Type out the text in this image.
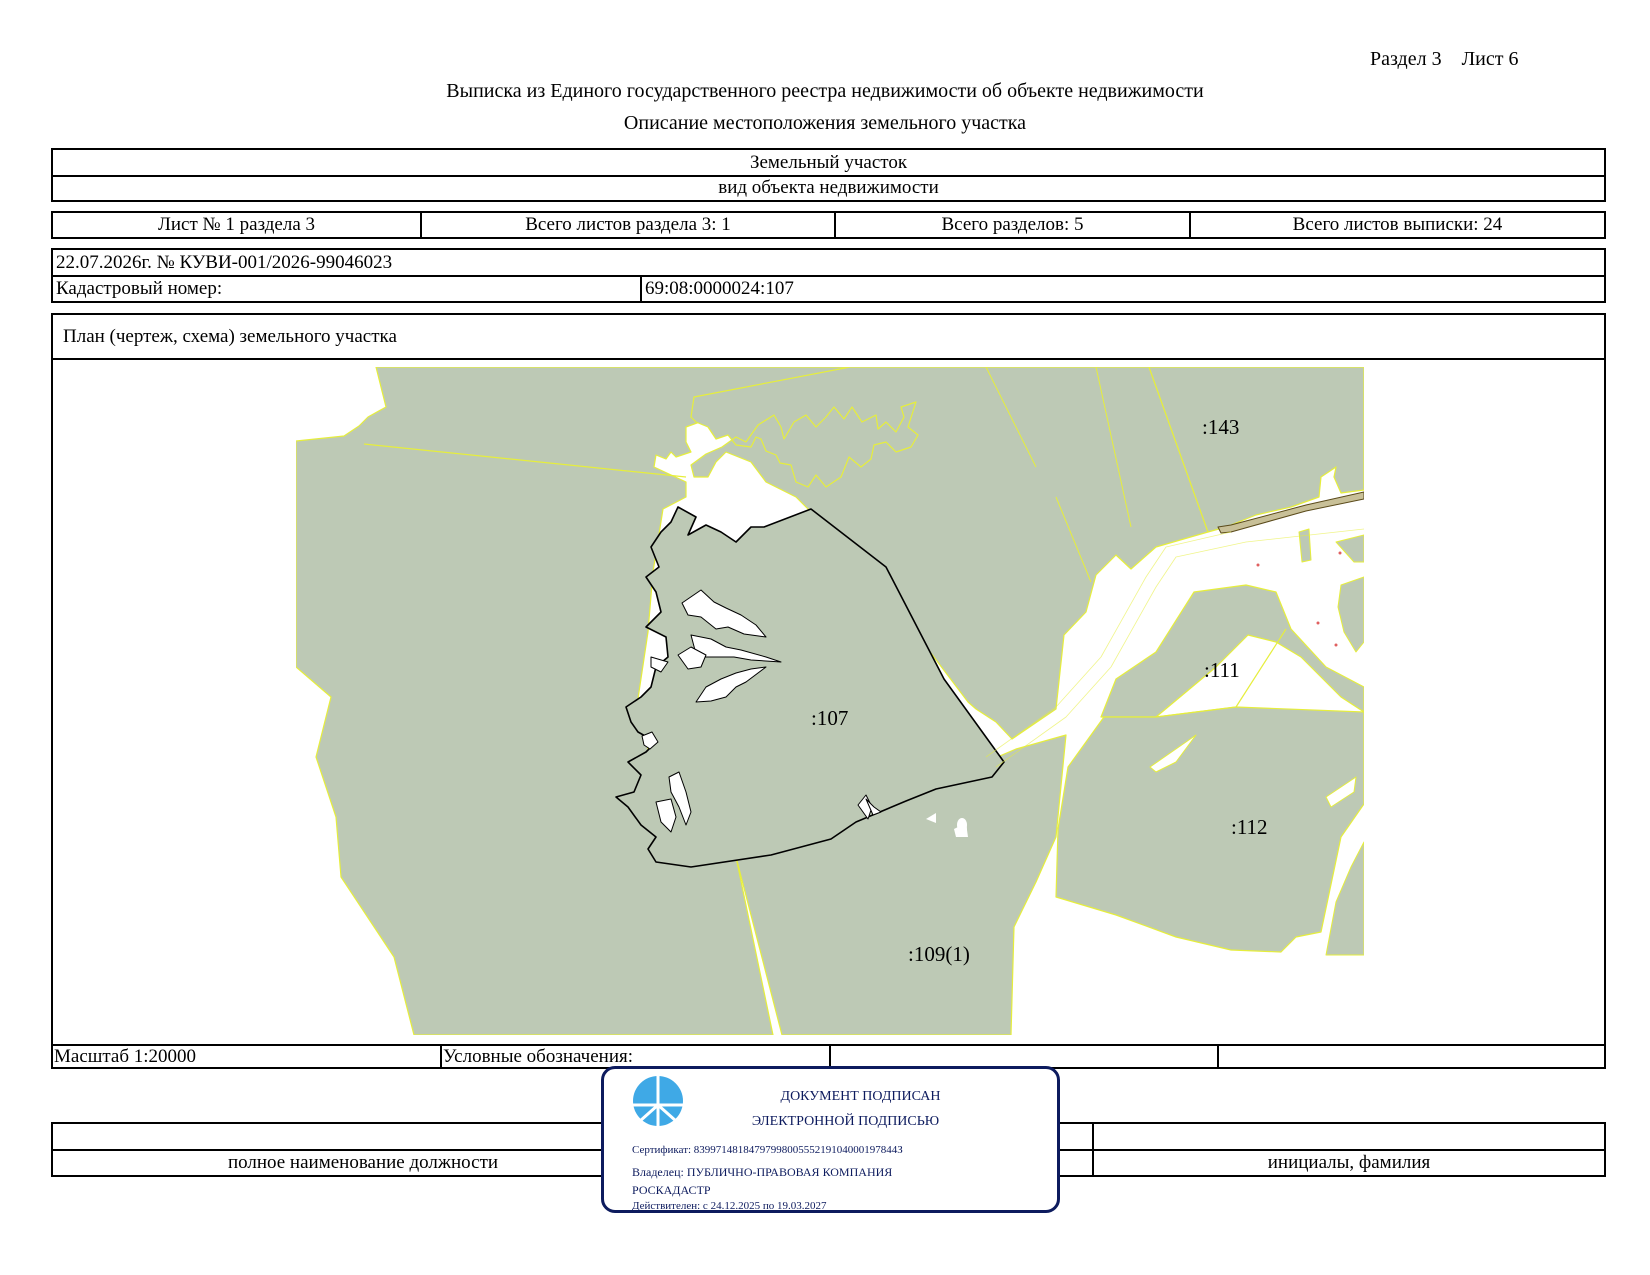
Раздел 3    Лист 6
Выписка из Единого государственного реестра недвижимости об объекте недвижимости
Описание местоположения земельного участка
Земельный участок
вид объекта недвижимости
Лист № 1 раздела 3	Всего листов раздела 3: 1	Всего разделов: 5	Всего листов выписки: 24
22.07.2026г. № КУВИ-001/2026-99046023
Кадастровый номер:	69:08:0000024:107
План (чертеж, схема) земельного участка
:143
:111
:107
:112
:109(1)
Масштаб 1:20000	Условные обозначения:
полное наименование должности	инициалы, фамилия
ДОКУМЕНТ ПОДПИСАН
ЭЛЕКТРОННОЙ ПОДПИСЬЮ
Сертификат: 8399714818479799800555219104000197844З
Владелец: ПУБЛИЧНО-ПРАВОВАЯ КОМПАНИЯ
РОСКАДАСТР
Действителен: с 24.12.2025 по 19.03.2027
